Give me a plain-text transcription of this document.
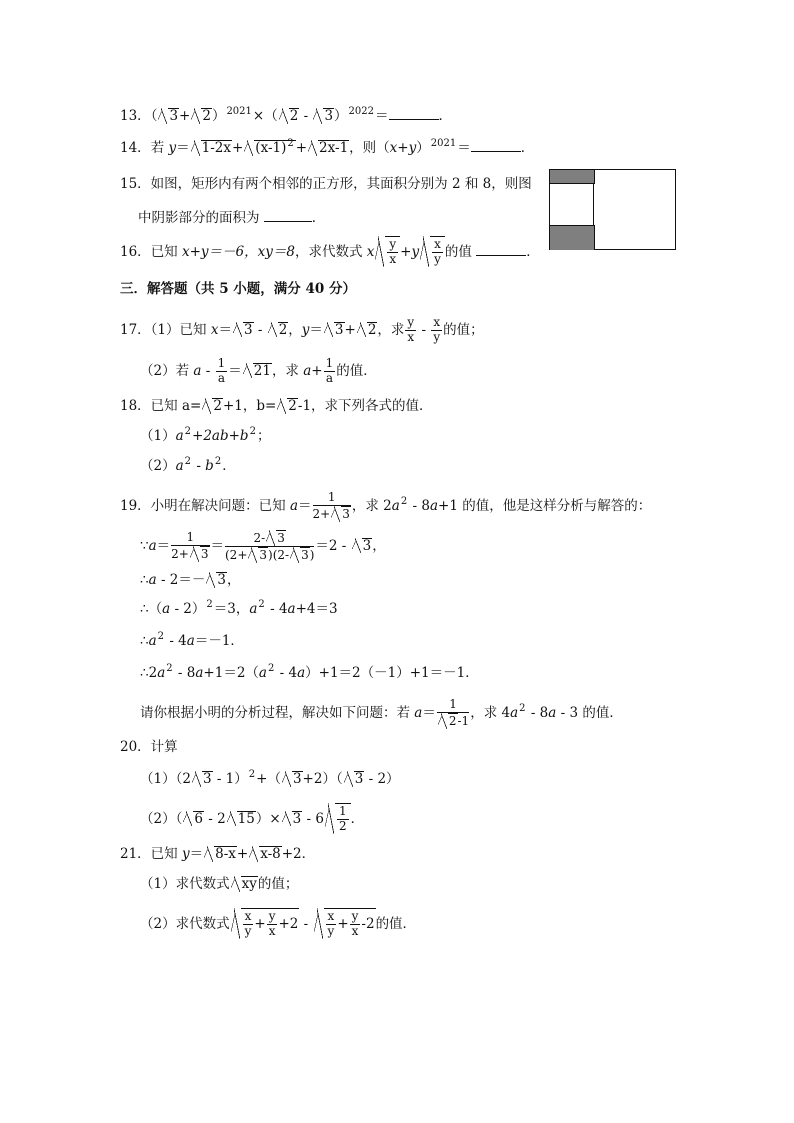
13．（ 3+ 2）$^{2021}$×（ 2 - 3）$^{2022}$＝	．
14．若 $y= 1-2x+ (x-1)^2 + 2x-1$，则$(x+y)^{2021}=$	．
15．如图，矩形内有两个相邻的正方形，其面积分别为 2 和 8，则图
中阴影部分的面积为	．
16．已知 x+y＝－6，xy＝8，求代数式 x $\frac{y}{x} +y \frac{x}{y}$ 的值	．
三．解答题（共 5 小题，满分 40 分）
17．（1）已知 x＝ 3 - 2，y＝ 3+ 2，求 $\frac{y}{x} - \frac{x}{y}$ 的值；
（2）若 $a - \frac{1}{a} = 21$，求 $a+ \frac{1}{a}$ 的值．
18．已知 a= 2+1，b= 2-1，求下列各式的值．
$(1)a^2+2ab+b^2$；
$(2)a^2 - b^2$．
19．小明在解决问题：已知 $a= \frac{1}{2+ 3}$ ，求 $2a^2 - 8a+1$ 的值，他是这样分析与解答的：
∵a＝ $\frac{1}{2+ 3} = \frac{2- 3}{(2+ 3)(2- 3)} =2 - 3$，
∴a - 2＝－ 3，
∴（a - 2）$^2$＝3，$a^2 - 4a+4=3$
$\therefore a^2 - 4a=-1$．
$\therefore 2a^2 - 8a+1=2(a^2 - 4a)+1=2(-1)+1=-1$．
请你根据小明的分析过程，解决如下问题：若 $a= \frac{1}{2-1}$ ，求 $4a^2 - 8a - 3$ 的值．
20．计算
（1）（2 3 - 1）$^2$+（ 3+2）（ 3 - 2）
（2）（ 6 - 2 $15)\times 3 - 6 \frac{1}{2}$ ．
21．已知 y＝ 8-x+ x-8+2．
（1）求代数式 xy的值；
（2）求代数式 $\frac{x}{y} + \frac{y}{x} +2 - \frac{x}{y} + \frac{y}{x} -2$的值．
